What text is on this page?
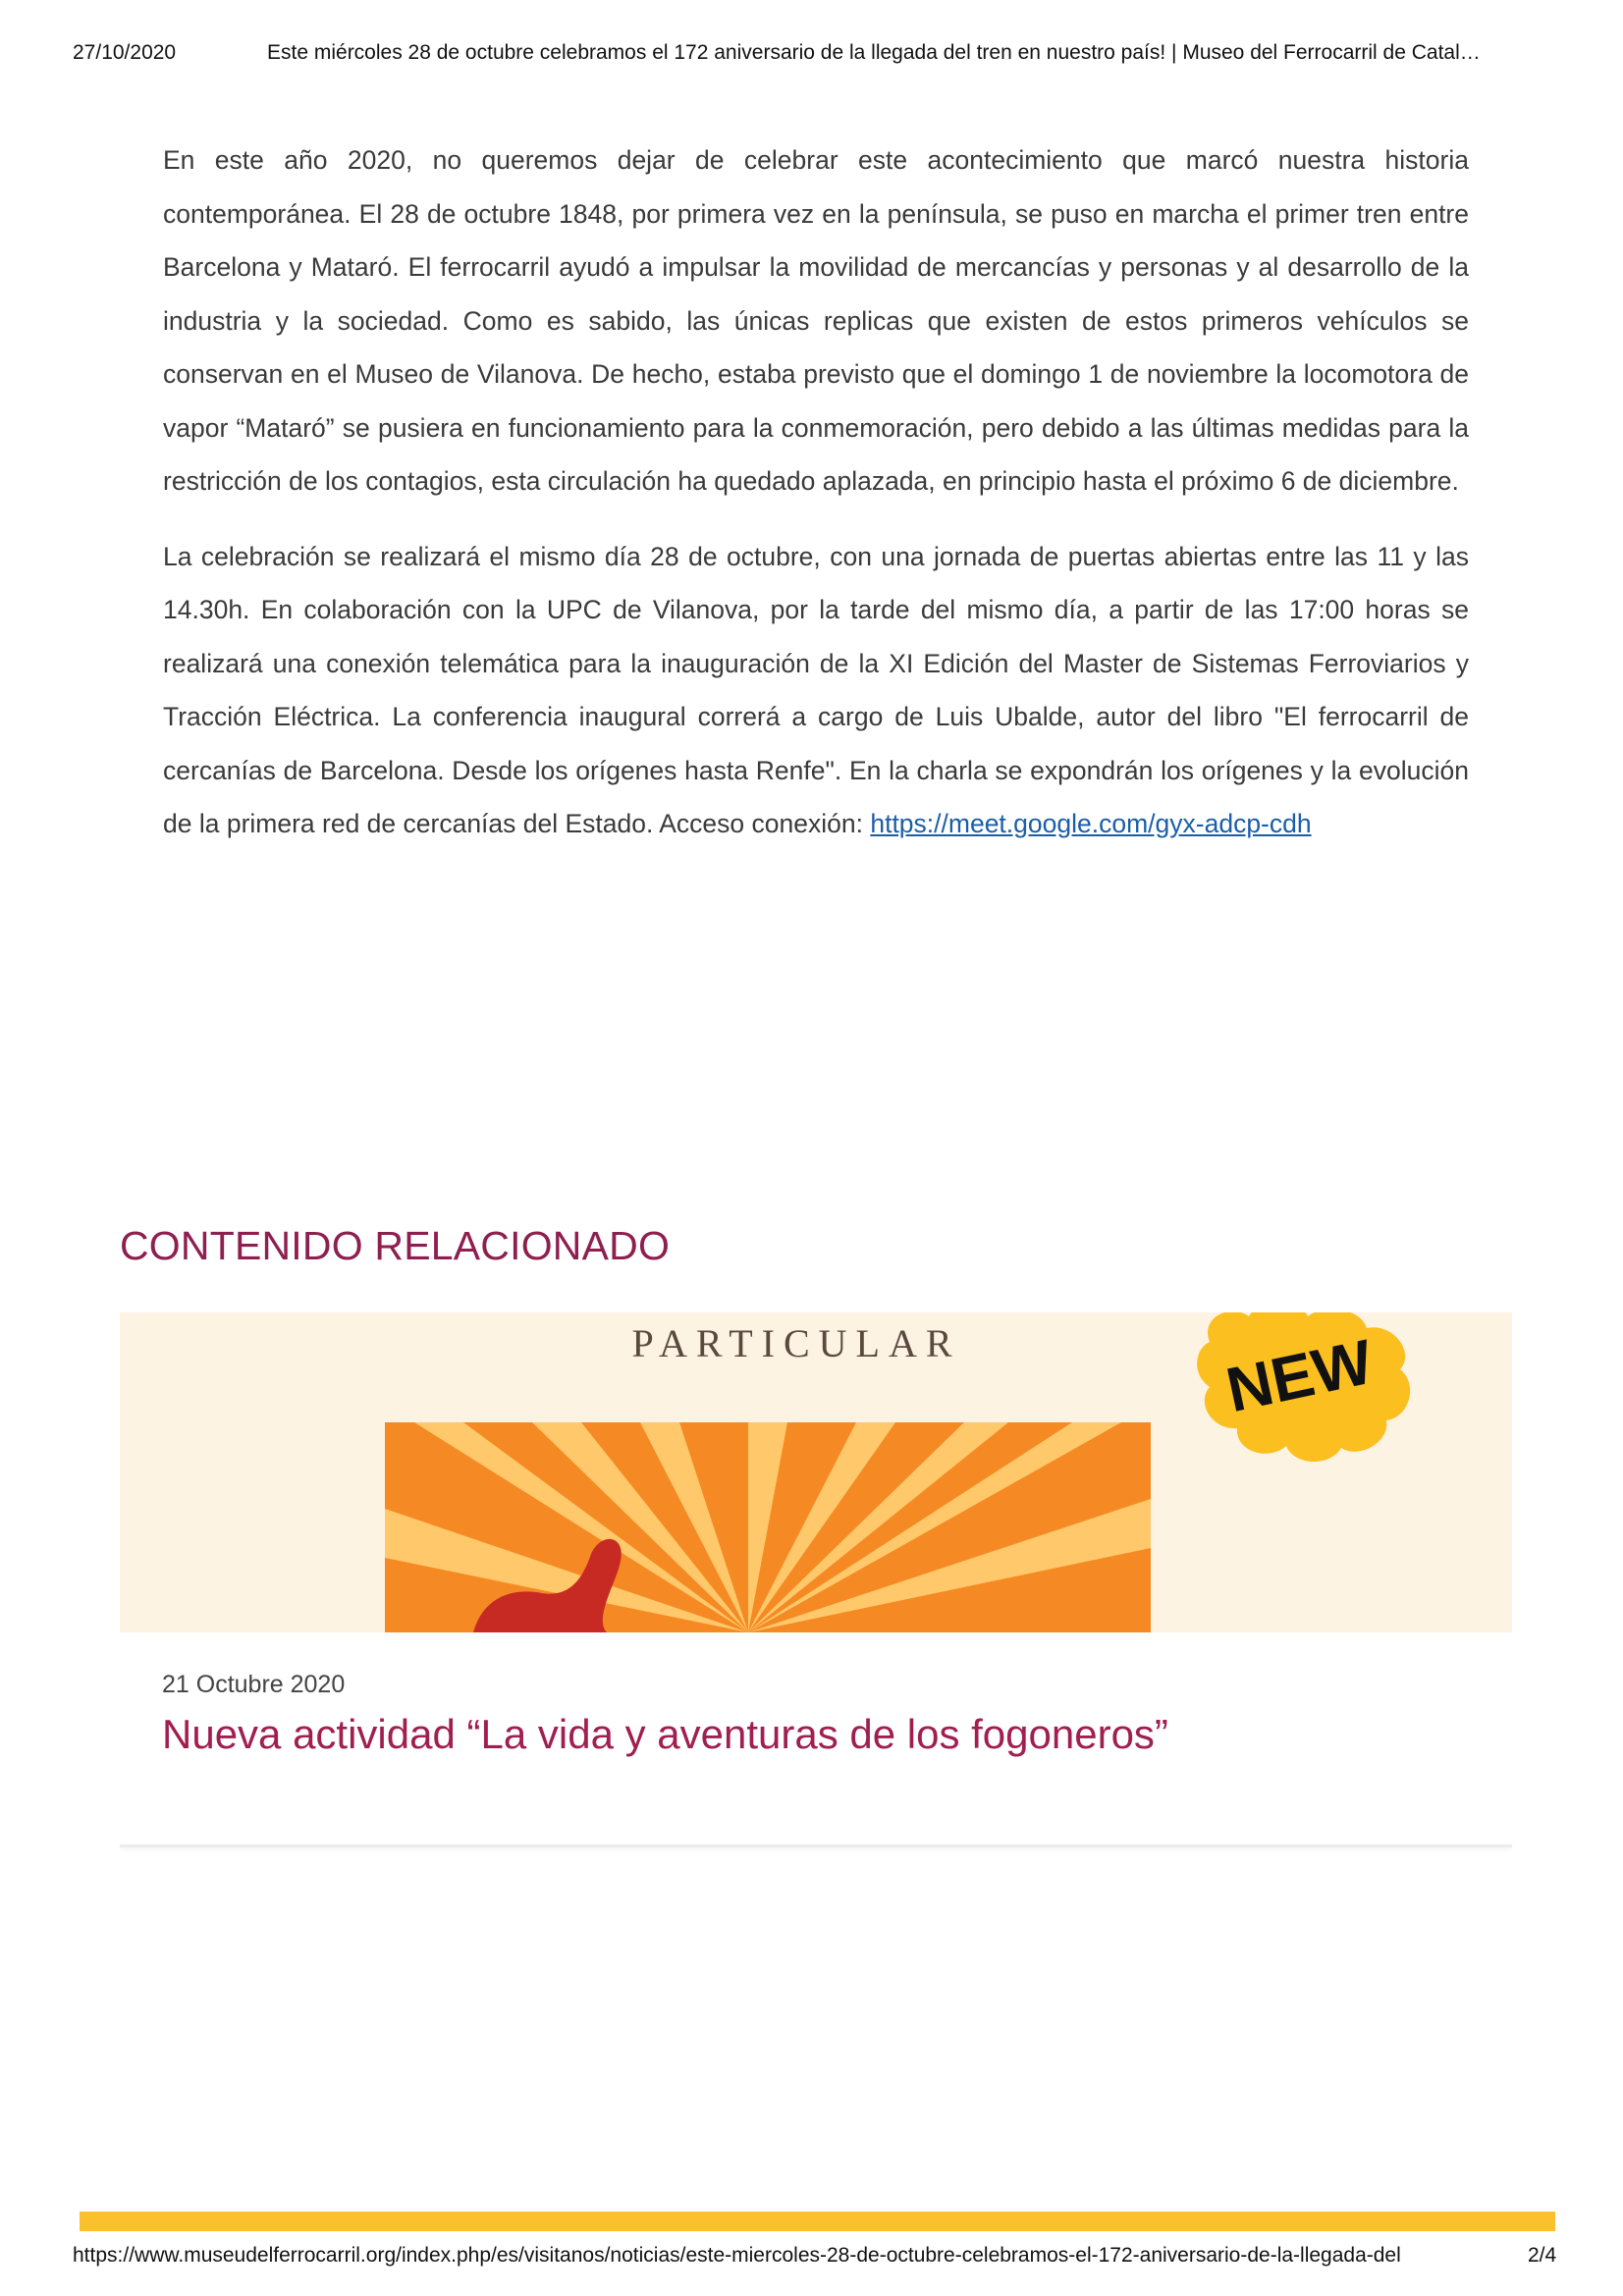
27/10/2020	Este miércoles 28 de octubre celebramos el 172 aniversario de la llegada del tren en nuestro país! | Museo del Ferrocarril de Catal…

En este año 2020, no queremos dejar de celebrar este acontecimiento que marcó nuestra historia contemporánea. El 28 de octubre 1848, por primera vez en la península, se puso en marcha el primer tren entre Barcelona y Mataró. El ferrocarril ayudó a impulsar la movilidad de mercancías y personas y al desarrollo de la industria y la sociedad. Como es sabido, las únicas replicas que existen de estos primeros vehículos se conservan en el Museo de Vilanova. De hecho, estaba previsto que el domingo 1 de noviembre la locomotora de vapor “Mataró” se pusiera en funcionamiento para la conmemoración, pero debido a las últimas medidas para la restricción de los contagios, esta circulación ha quedado aplazada, en principio hasta el próximo 6 de diciembre.

La celebración se realizará el mismo día 28 de octubre, con una jornada de puertas abiertas entre las 11 y las 14.30h. En colaboración con la UPC de Vilanova, por la tarde del mismo día, a partir de las 17:00 horas se realizará una conexión telemática para la inauguración de la XI Edición del Master de Sistemas Ferroviarios y Tracción Eléctrica. La conferencia inaugural correrá a cargo de Luis Ubalde, autor del libro "El ferrocarril de cercanías de Barcelona. Desde los orígenes hasta Renfe". En la charla se expondrán los orígenes y la evolución de la primera red de cercanías del Estado. Acceso conexión: https://meet.google.com/gyx-adcp-cdh

CONTENIDO RELACIONADO
PARTICULAR	NEW
21 Octubre 2020
Nueva actividad “La vida y aventuras de los fogoneros”
https://www.museudelferrocarril.org/index.php/es/visitanos/noticias/este-miercoles-28-de-octubre-celebramos-el-172-aniversario-de-la-llegada-del	2/4
